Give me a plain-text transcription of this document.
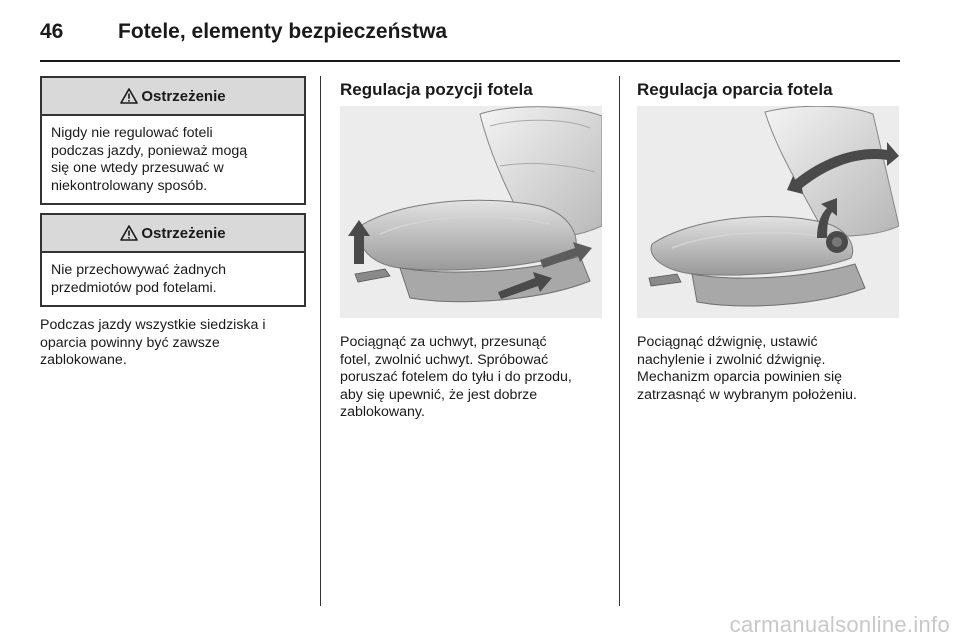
46	Fotele, elementy bezpieczeństwa
Ostrzeżenie
Nigdy nie regulować foteli
podczas jazdy, ponieważ mogą
się one wtedy przesuwać w
niekontrolowany sposób.
Ostrzeżenie
Nie przechowywać żadnych
przedmiotów pod fotelami.
Podczas jazdy wszystkie siedziska i
oparcia powinny być zawsze
zablokowane.
Regulacja pozycji fotela
Pociągnąć za uchwyt, przesunąć
fotel, zwolnić uchwyt. Spróbować
poruszać fotelem do tyłu i do przodu,
aby się upewnić, że jest dobrze
zablokowany.
Regulacja oparcia fotela
Pociągnąć dźwignię, ustawić
nachylenie i zwolnić dźwignię.
Mechanizm oparcia powinien się
zatrzasnąć w wybranym położeniu.
carmanualsonline.info
